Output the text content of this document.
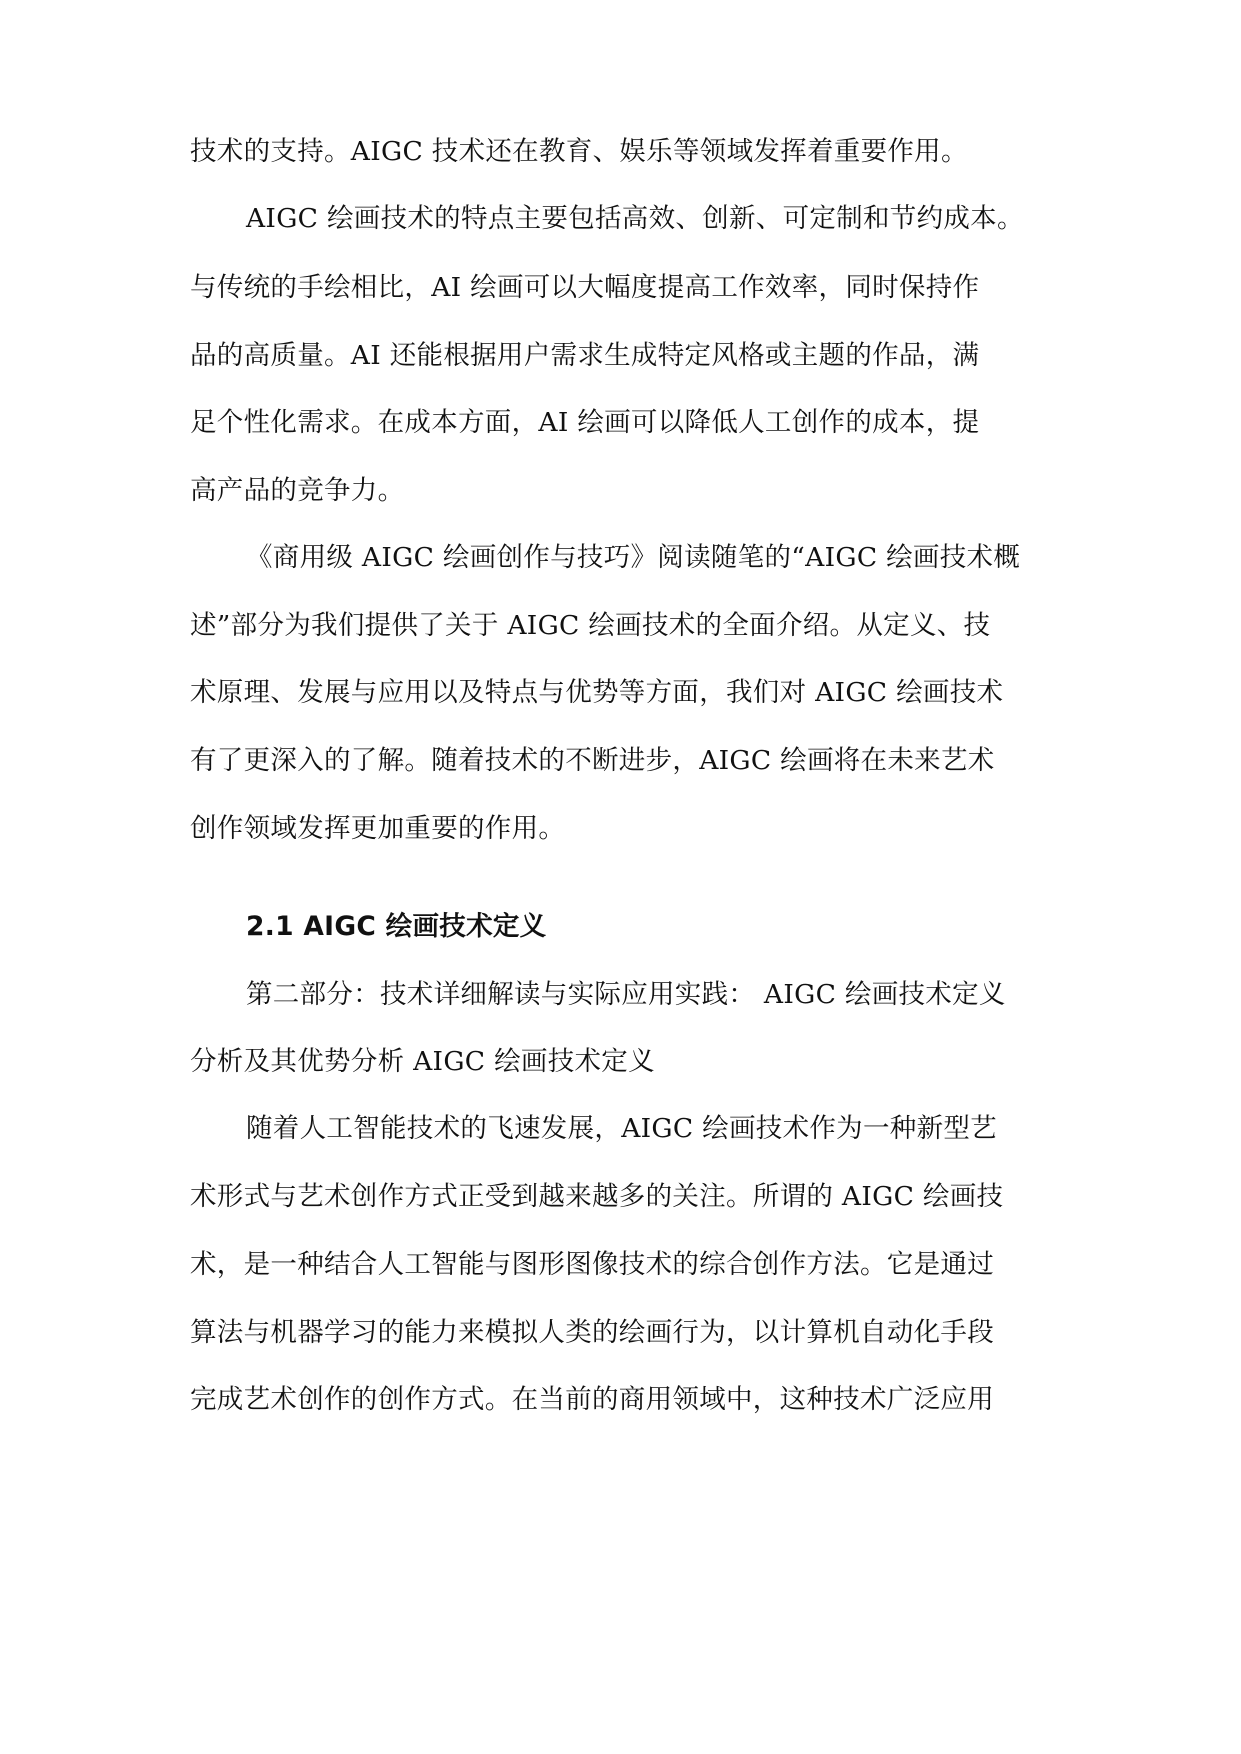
技术的支持。AIGC 技术还在教育、娱乐等领域发挥着重要作用。
AIGC 绘画技术的特点主要包括高效、创新、可定制和节约成本。
与传统的手绘相比，AI 绘画可以大幅度提高工作效率，同时保持作
品的高质量。AI 还能根据用户需求生成特定风格或主题的作品，满
足个性化需求。在成本方面，AI 绘画可以降低人工创作的成本，提
高产品的竞争力。
《商用级 AIGC 绘画创作与技巧》阅读随笔的“AIGC 绘画技术概
述”部分为我们提供了关于 AIGC 绘画技术的全面介绍。从定义、技
术原理、发展与应用以及特点与优势等方面，我们对 AIGC 绘画技术
有了更深入的了解。随着技术的不断进步，AIGC 绘画将在未来艺术
创作领域发挥更加重要的作用。
2.1 AIGC 绘画技术定义
第二部分：技术详细解读与实际应用实践： AIGC 绘画技术定义
分析及其优势分析 AIGC 绘画技术定义
随着人工智能技术的飞速发展，AIGC 绘画技术作为一种新型艺
术形式与艺术创作方式正受到越来越多的关注。所谓的 AIGC 绘画技
术，是一种结合人工智能与图形图像技术的综合创作方法。它是通过
算法与机器学习的能力来模拟人类的绘画行为，以计算机自动化手段
完成艺术创作的创作方式。在当前的商用领域中，这种技术广泛应用
